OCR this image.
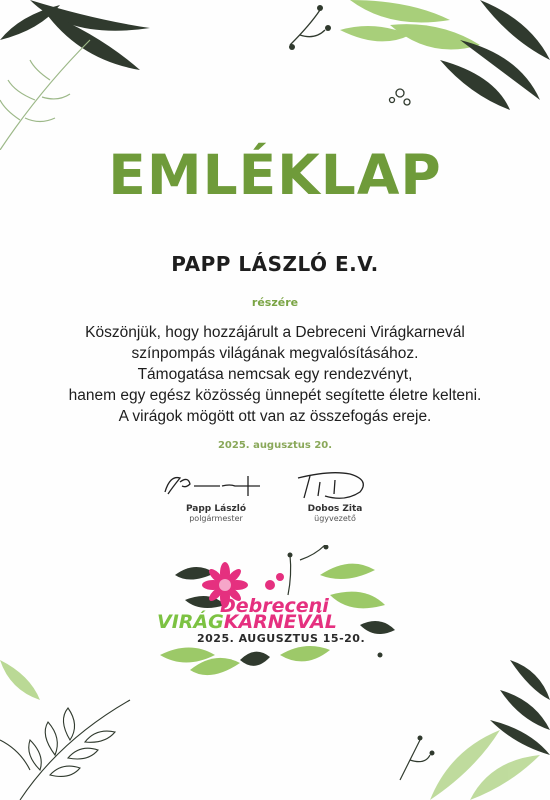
EMLÉKLAP
PAPP LÁSZLÓ E.V.
részére
Köszönjük, hogy hozzájárult a Debreceni Virágkarnevál
színpompás világának megvalósításához.
Támogatása nemcsak egy rendezvényt,
hanem egy egész közösség ünnepét segítette életre kelteni.
A virágok mögött ott van az összefogás ereje.
2025. augusztus 20.
Papp László
polgármester
Dobos Zita
ügyvezető
Debreceni
VIRÁGKARNEVÁL
2025. AUGUSZTUS 15-20.
